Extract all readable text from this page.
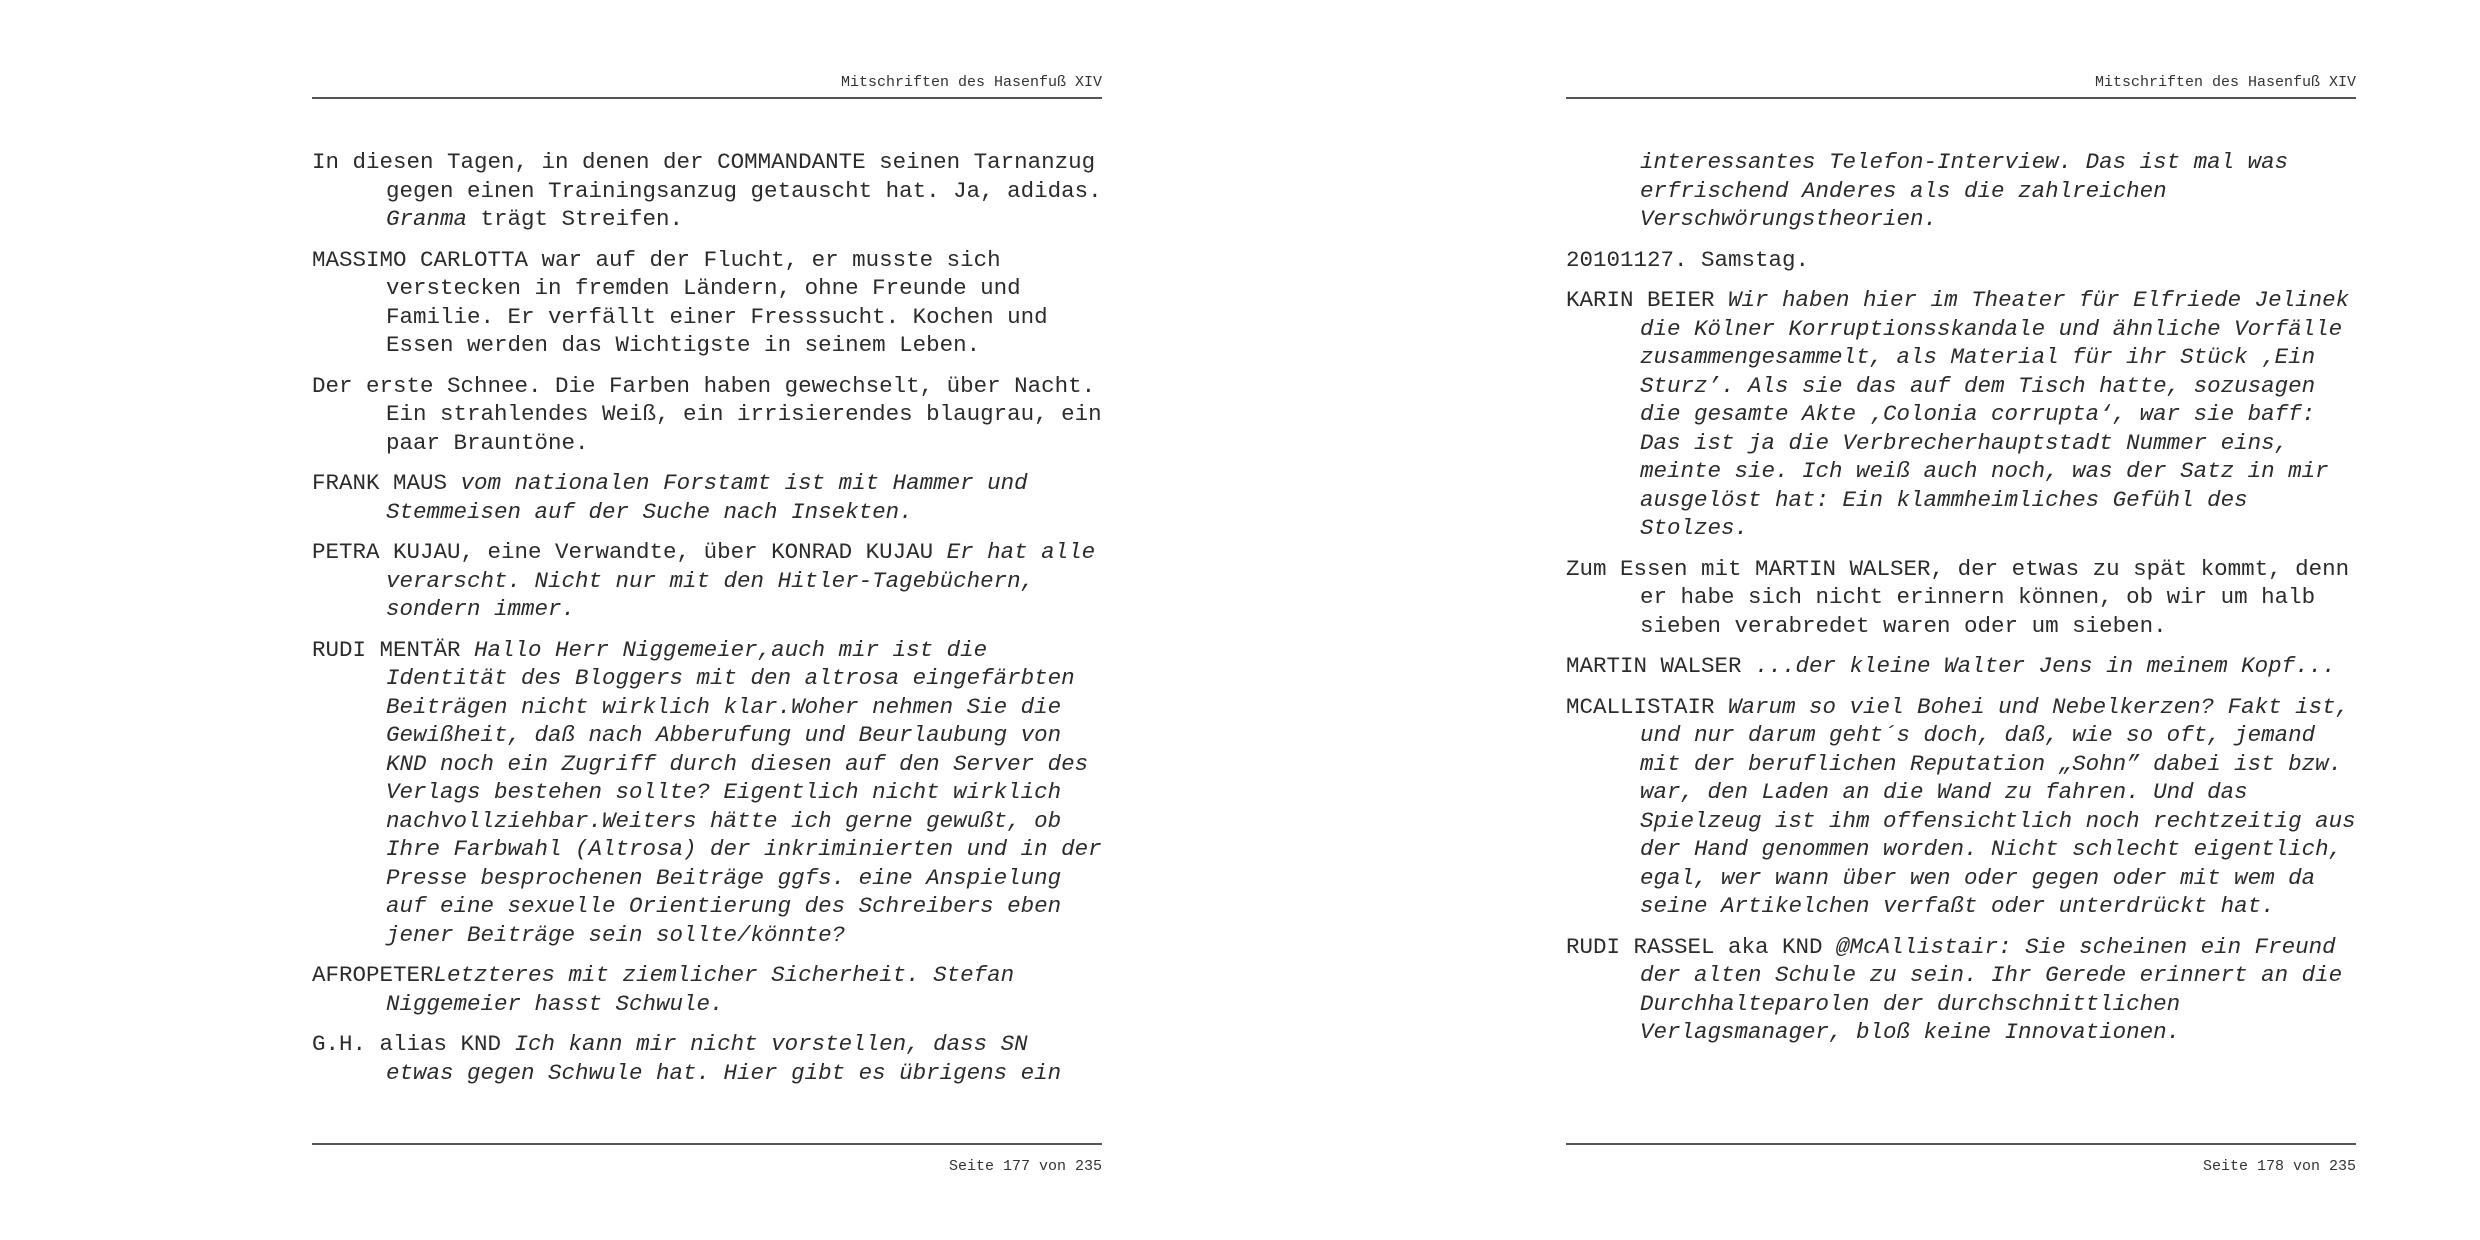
Mitschriften des Hasenfuß XIV

In diesen Tagen, in denen der COMMANDANTE seinen Tarnanzug gegen einen Trainingsanzug getauscht hat. Ja, adidas. Granma trägt Streifen.

MASSIMO CARLOTTA war auf der Flucht, er musste sich verstecken in fremden Ländern, ohne Freunde und Familie. Er verfällt einer Fresssucht. Kochen und Essen werden das Wichtigste in seinem Leben.

Der erste Schnee. Die Farben haben gewechselt, über Nacht. Ein strahlendes Weiß, ein irrisierendes blaugrau, ein paar Brauntöne.

FRANK MAUS vom nationalen Forstamt ist mit Hammer und Stemmeisen auf der Suche nach Insekten.

PETRA KUJAU, eine Verwandte, über KONRAD KUJAU Er hat alle verarscht. Nicht nur mit den Hitler-Tagebüchern, sondern immer.

RUDI MENTÄR Hallo Herr Niggemeier,auch mir ist die Identität des Bloggers mit den altrosa eingefärbten Beiträgen nicht wirklich klar.Woher nehmen Sie die Gewißheit, daß nach Abberufung und Beurlaubung von KND noch ein Zugriff durch diesen auf den Server des Verlags bestehen sollte? Eigentlich nicht wirklich nachvollziehbar.Weiters hätte ich gerne gewußt, ob Ihre Farbwahl (Altrosa) der inkriminierten und in der Presse besprochenen Beiträge ggfs. eine Anspielung auf eine sexuelle Orientierung des Schreibers eben jener Beiträge sein sollte/könnte?

AFROPETERLetzteres mit ziemlicher Sicherheit. Stefan Niggemeier hasst Schwule.

G.H. alias KND Ich kann mir nicht vorstellen, dass SN etwas gegen Schwule hat. Hier gibt es übrigens ein

Seite 177 von 235
Mitschriften des Hasenfuß XIV

interessantes Telefon-Interview. Das ist mal was erfrischend Anderes als die zahlreichen Verschwörungstheorien.

20101127. Samstag.

KARIN BEIER Wir haben hier im Theater für Elfriede Jelinek die Kölner Korruptionsskandale und ähnliche Vorfälle zusammengesammelt, als Material für ihr Stück ‚Ein Sturz’. Als sie das auf dem Tisch hatte, sozusagen die gesamte Akte ‚Colonia corrupta‘, war sie baff: Das ist ja die Verbrecherhauptstadt Nummer eins, meinte sie. Ich weiß auch noch, was der Satz in mir ausgelöst hat: Ein klammheimliches Gefühl des Stolzes.

Zum Essen mit MARTIN WALSER, der etwas zu spät kommt, denn er habe sich nicht erinnern können, ob wir um halb sieben verabredet waren oder um sieben.

MARTIN WALSER ...der kleine Walter Jens in meinem Kopf...

MCALLISTAIR Warum so viel Bohei und Nebelkerzen? Fakt ist, und nur darum geht´s doch, daß, wie so oft, jemand mit der beruflichen Reputation „Sohn” dabei ist bzw. war, den Laden an die Wand zu fahren. Und das Spielzeug ist ihm offensichtlich noch rechtzeitig aus der Hand genommen worden. Nicht schlecht eigentlich, egal, wer wann über wen oder gegen oder mit wem da seine Artikelchen verfaßt oder unterdrückt hat.

RUDI RASSEL aka KND @McAllistair: Sie scheinen ein Freund der alten Schule zu sein. Ihr Gerede erinnert an die Durchhalteparolen der durchschnittlichen Verlagsmanager, bloß keine Innovationen.

Seite 178 von 235
